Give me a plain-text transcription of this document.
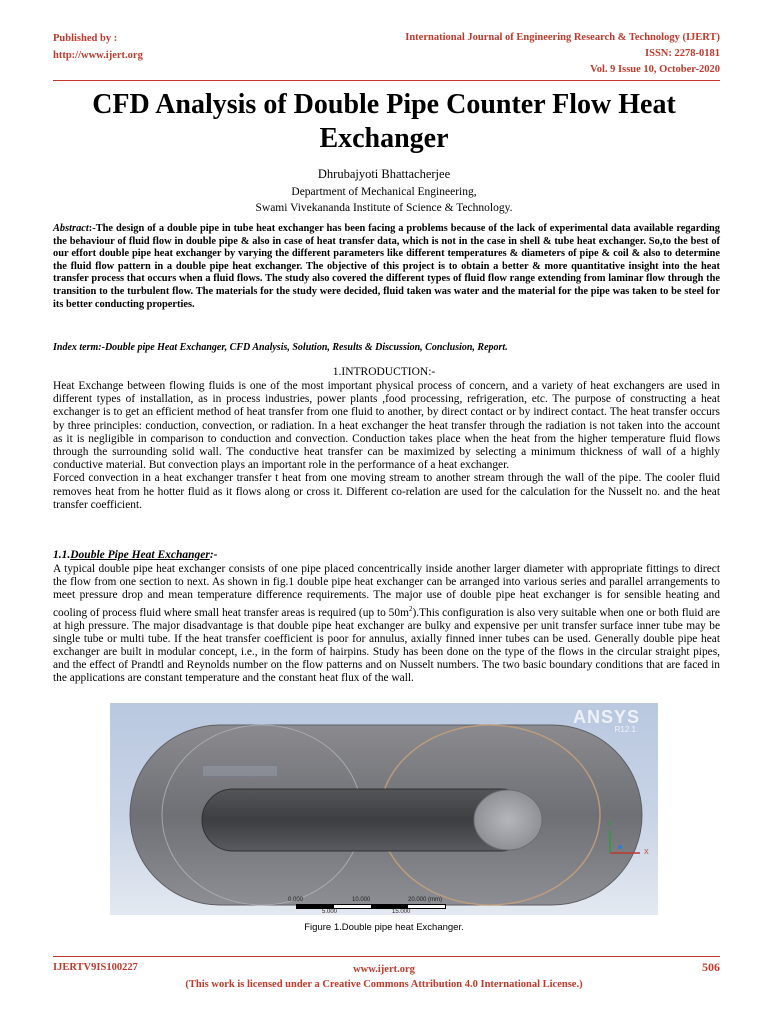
Published by :
http://www.ijert.org
International Journal of Engineering Research & Technology (IJERT)
ISSN: 2278-0181
Vol. 9 Issue 10, October-2020
CFD Analysis of Double Pipe Counter Flow Heat
Exchanger
Dhrubajyoti Bhattacherjee
Department of Mechanical Engineering,
Swami Vivekananda Institute of Science & Technology.
Abstract:-The design of a double pipe in tube heat exchanger has been facing a problems because of the lack of experimental data available regarding the behaviour of fluid flow in double pipe & also in case of heat transfer data, which is not in the case in shell & tube heat exchanger. So,to the best of our effort double pipe heat exchanger by varying the different parameters like different temperatures & diameters of pipe & coil & also to determine the fluid flow pattern in a double pipe heat exchanger. The objective of this project is to obtain a better & more quantitative insight into the heat transfer process that occurs when a fluid flows. The study also covered the different types of fluid flow range extending from laminar flow through the transition to the turbulent flow. The materials for the study were decided, fluid taken was water and the material for the pipe was taken to be steel for its better conducting properties.
Index term:-Double pipe Heat Exchanger, CFD Analysis, Solution, Results & Discussion, Conclusion, Report.
1.INTRODUCTION:-

Heat Exchange between flowing fluids is one of the most important physical process of concern, and a variety of heat exchangers are used in different types of installation, as in process industries, power plants ,food processing, refrigeration, etc. The purpose of constructing a heat exchanger is to get an efficient method of heat transfer from one fluid to another, by direct contact or by indirect contact. The heat transfer occurs by three principles: conduction, convection, or radiation. In a heat exchanger the heat transfer through the radiation is not taken into the account as it is negligible in comparison to conduction and convection. Conduction takes place when the heat from the higher temperature fluid flows through the surrounding solid wall. The conductive heat transfer can be maximized by selecting a minimum thickness of wall of a highly conductive material. But convection plays an important role in the performance of a heat exchanger.

Forced convection in a heat exchanger transfer t heat from one moving stream to another stream through the wall of the pipe. The cooler fluid removes heat from he hotter fluid as it flows along or cross it. Different co-relation are used for the calculation for the Nusselt no. and the heat transfer coefficient.

1.1.Double Pipe Heat Exchanger:-

A typical double pipe heat exchanger consists of one pipe placed concentrically inside another larger diameter with appropriate fittings to direct the flow from one section to next. As shown in fig.1 double pipe heat exchanger can be arranged into various series and parallel arrangements to meet pressure drop and mean temperature difference requirements. The major use of double pipe heat exchanger is for sensible heating and cooling of process fluid where small heat transfer areas is required (up to $50m^2).This$ configuration is also very suitable when one or both fluid are at high pressure. The major disadvantage is that double pipe heat exchanger are bulky and expensive per unit transfer surface inner tube may be single tube or multi tube. If the heat transfer coefficient is poor for annulus, axially finned inner tubes can be used. Generally double pipe heat exchanger are built in modular concept, i.e., in the form of hairpins. Study has been done on the type of the flows in the circular straight pipes, and the effect of Prandtl and Reynolds number on the flow patterns and on Nusselt numbers. The two basic boundary conditions that are faced in the applications are constant temperature and the constant heat flux of the wall.

ANSYS
R12.1
Y
X
0.000	10.000	20.000 (mm)
5.000	15.000
Figure 1.Double pipe heat Exchanger.
IJERTV9IS100227	www.ijert.org
(This work is licensed under a Creative Commons Attribution 4.0 International License.)
506
